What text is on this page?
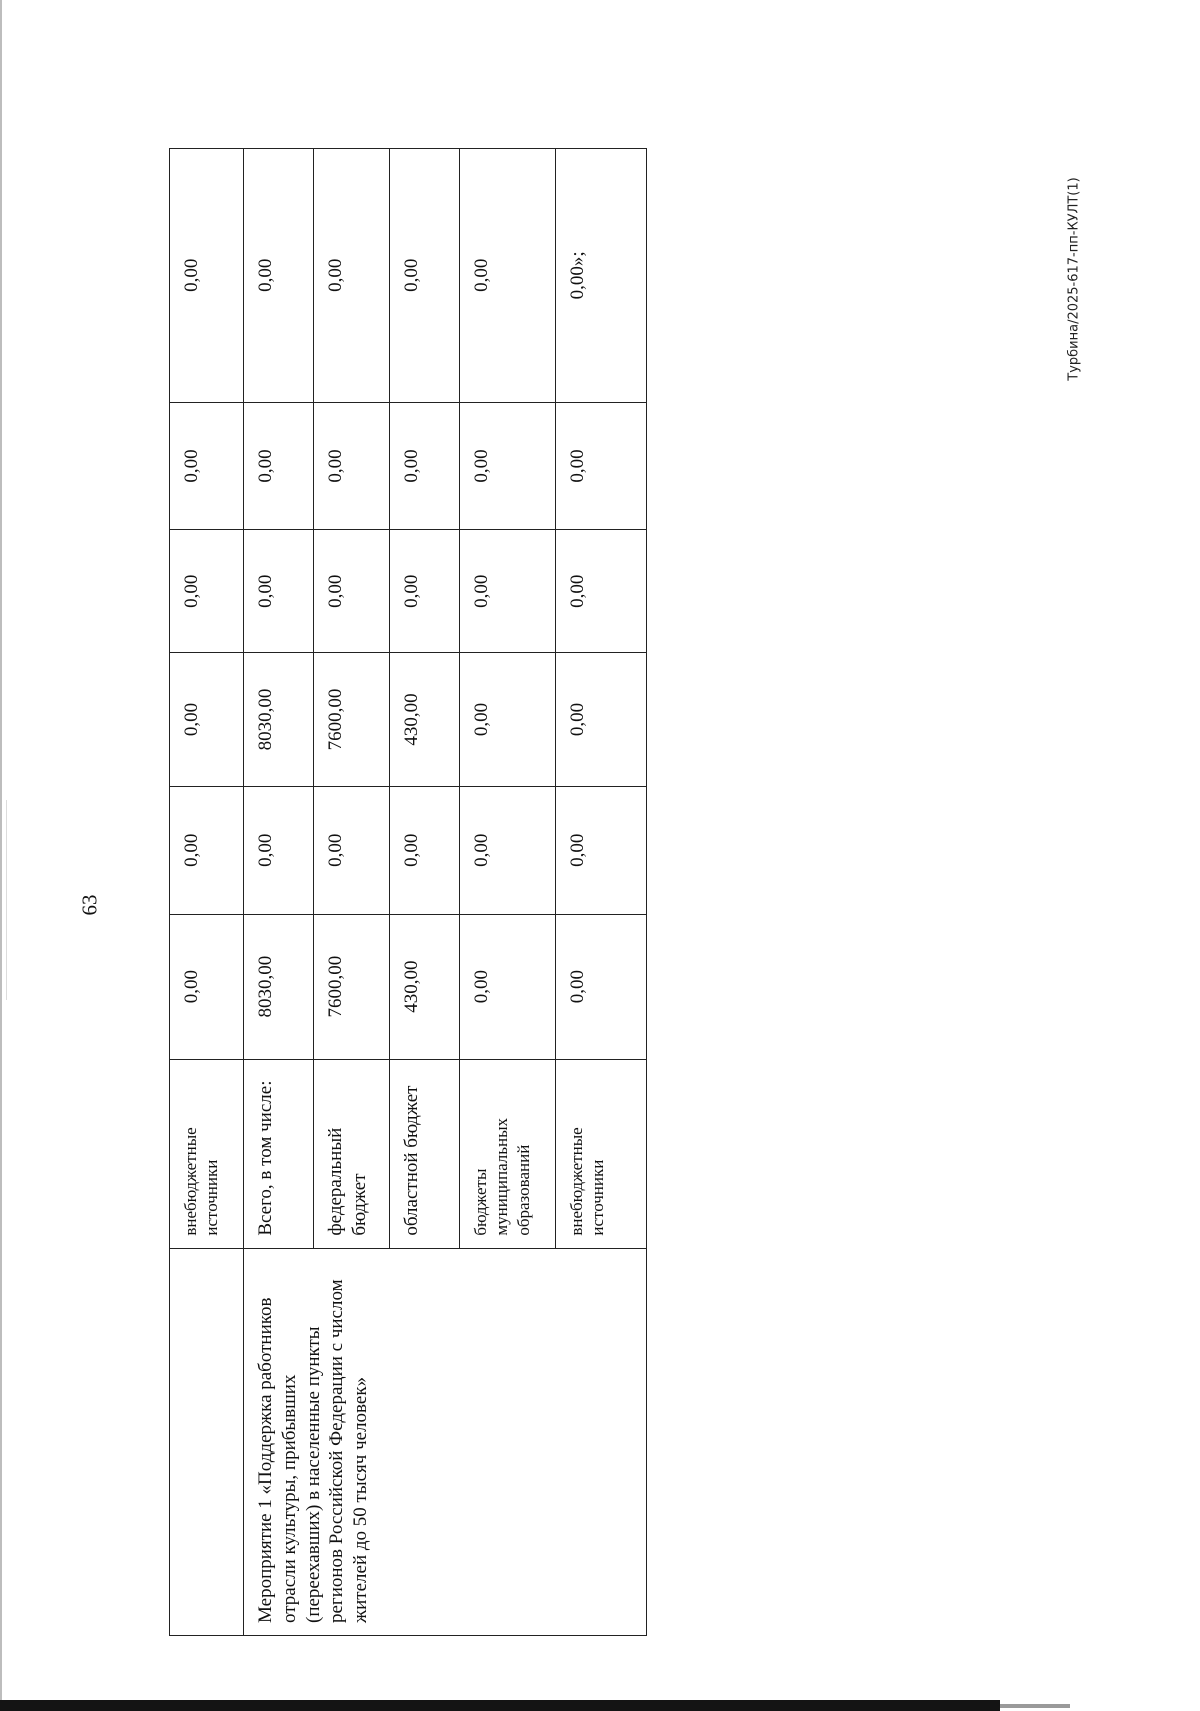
63
Турбина/2025-617-пп-КУЛТ(1)
	внебюджетные источники	0,00	0,00	0,00	0,00	0,00	0,00
Мероприятие 1 «Поддержка работников отрасли культуры, прибывших (переехавших) в населенные пункты регионов Российской Федерации с числом жителей до 50 тысяч человек»	Всего, в том числе:	8030,00	0,00	8030,00	0,00	0,00	0,00
	федеральный бюджет	7600,00	0,00	7600,00	0,00	0,00	0,00
	областной бюджет	430,00	0,00	430,00	0,00	0,00	0,00
	бюджеты муниципальных образований	0,00	0,00	0,00	0,00	0,00	0,00
	внебюджетные источники	0,00	0,00	0,00	0,00	0,00	0,00»;
